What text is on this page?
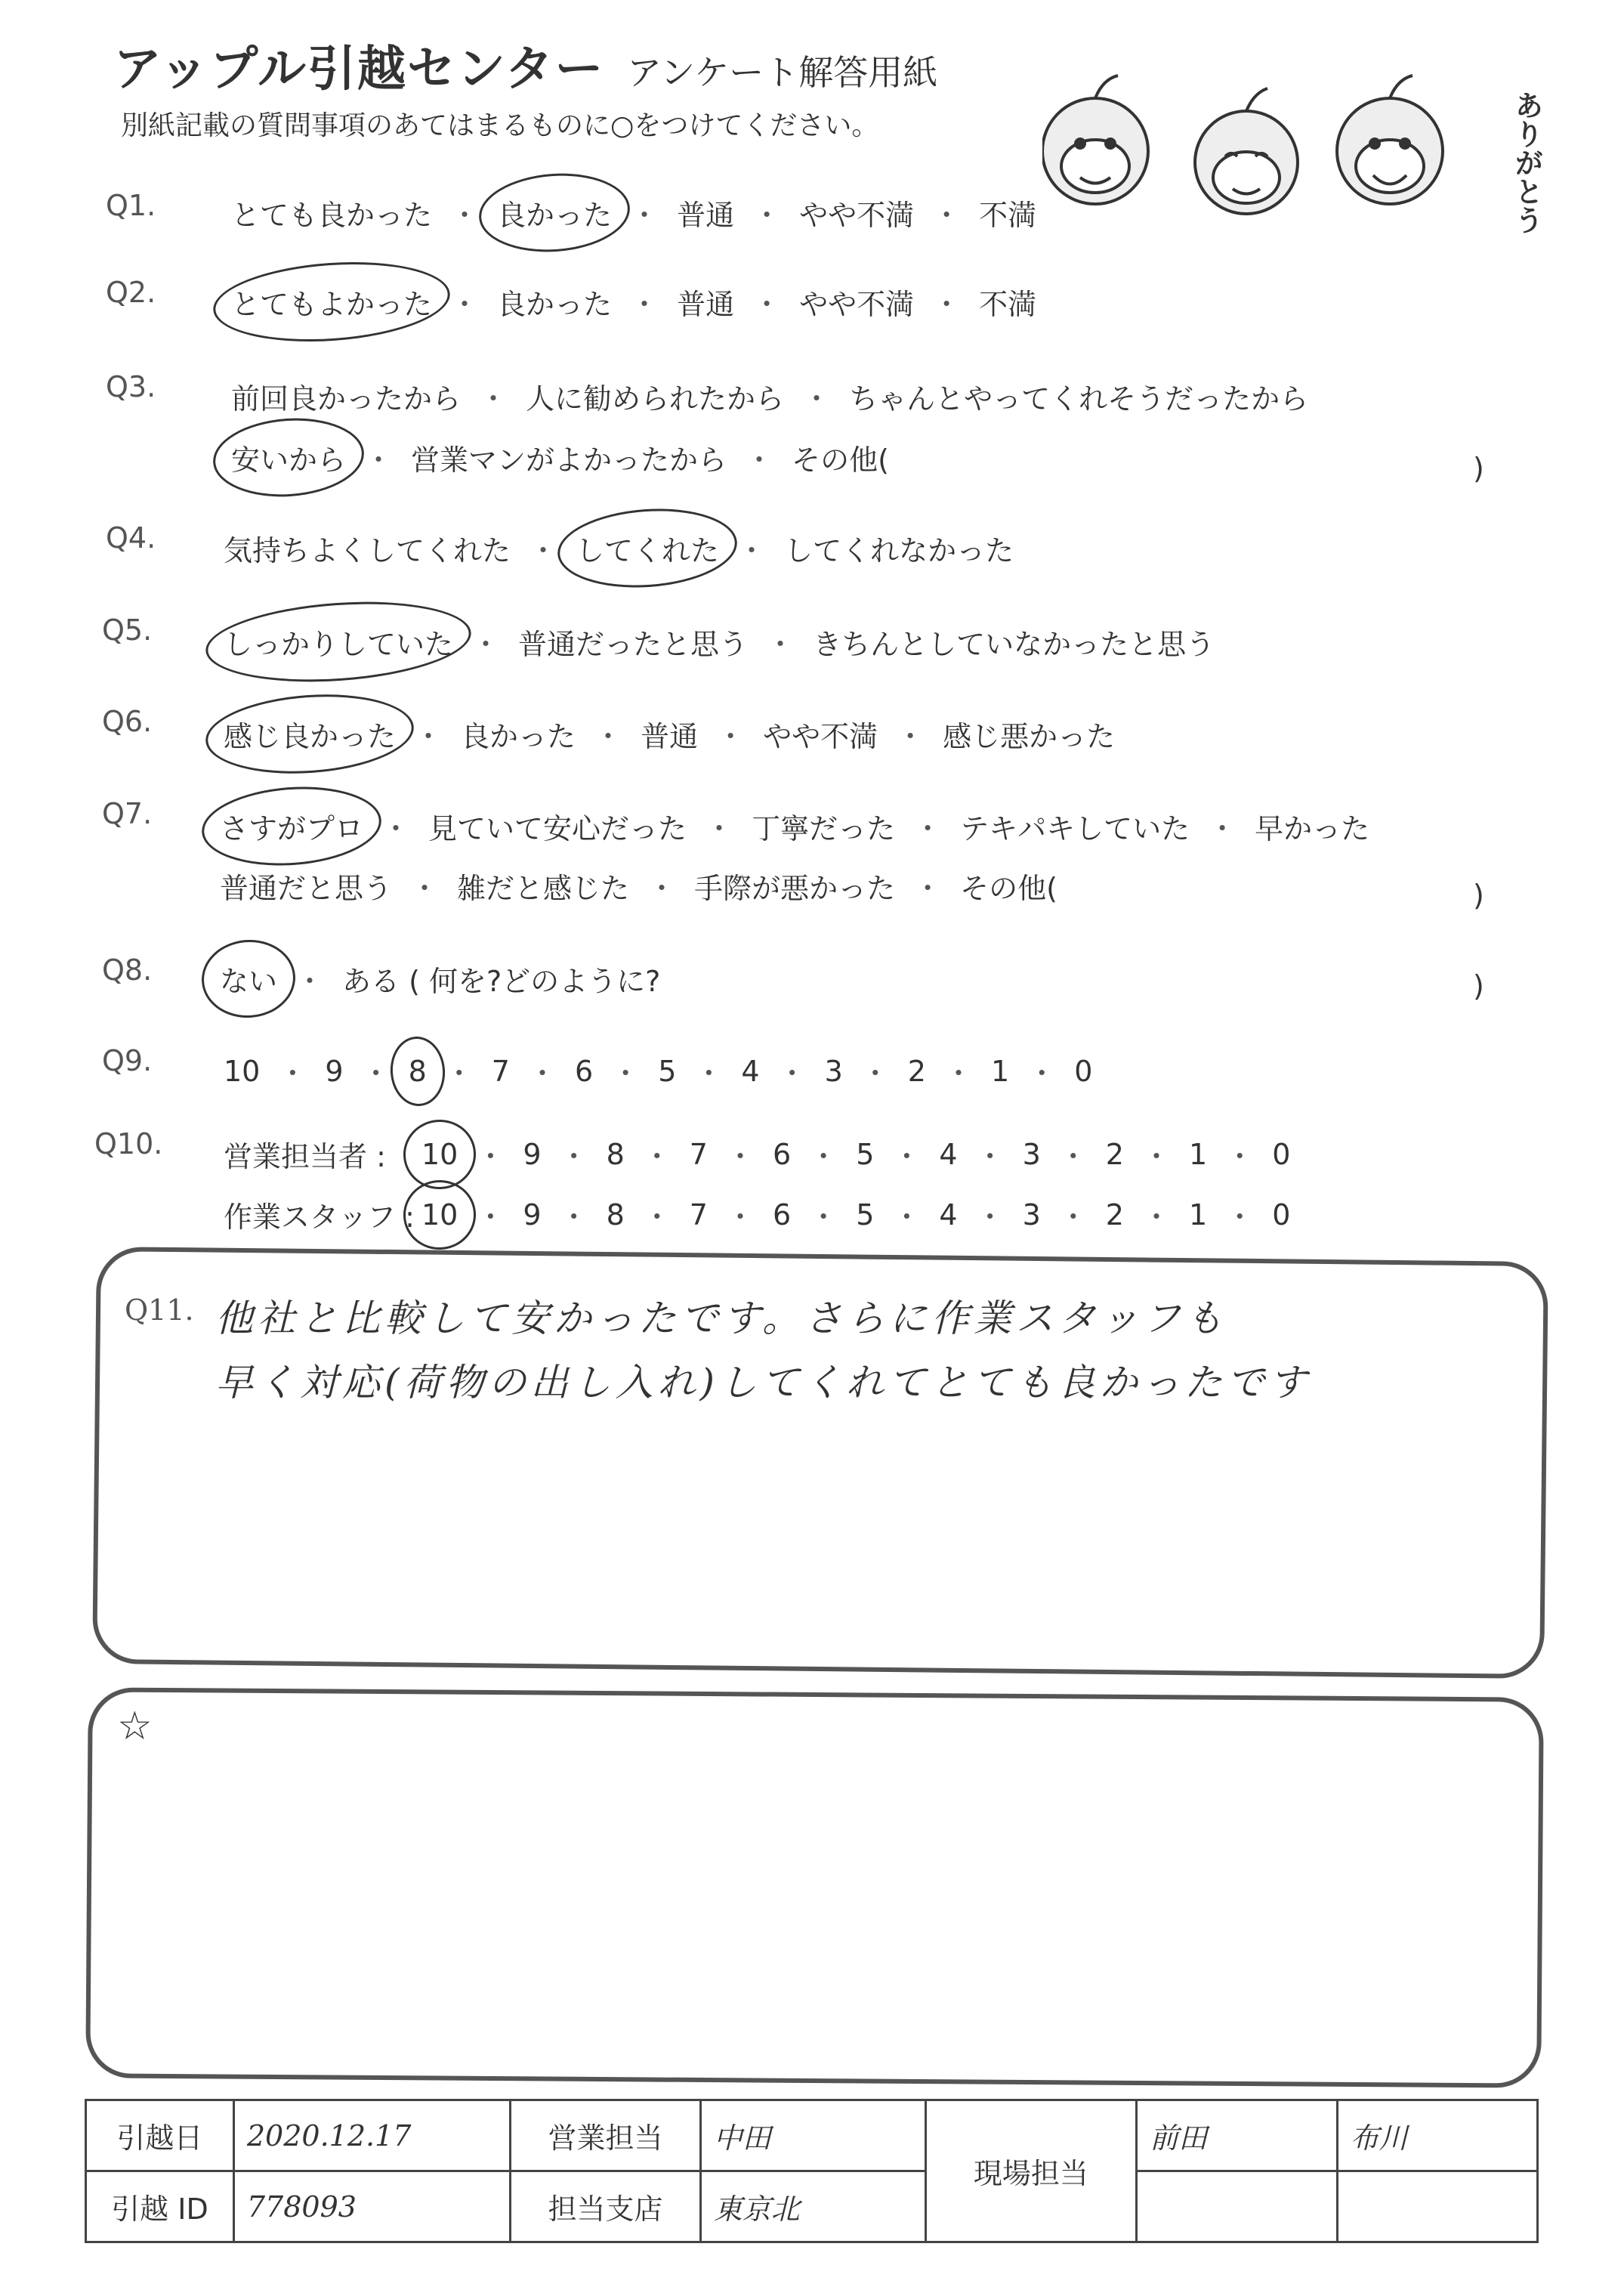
アップル引越センター アンケート解答用紙
別紙記載の質問事項のあてはまるものに○をつけてください。	ありがとう
Q1.	とても良かった ・ 良かった ・ 普通 ・ やや不満 ・ 不満
Q2.	とてもよかった ・ 良かった ・ 普通 ・ やや不満 ・ 不満
Q3.	前回良かったから ・ 人に勧められたから ・ ちゃんとやってくれそうだったから
安いから ・ 営業マンがよかったから ・ その他(	)
Q4. 気持ちよくしてくれた ・ してくれた ・ してくれなかった
Q5. しっかりしていた ・ 普通だったと思う ・ きちんとしていなかったと思う
Q6. 感じ良かった ・ 良かった ・ 普通 ・ やや不満 ・ 感じ悪かった
Q7. さすがプロ ・ 見ていて安心だった ・ 丁寧だった ・ テキパキしていた ・ 早かった
普通だと思う ・ 雑だと感じた ・ 手際が悪かった ・ その他(	)
Q8. ない ・ ある ( 何を?どのように?	)
Q9. 10 ・ 9 ・ 8 ・ 7 ・ 6 ・ 5 ・ 4 ・ 3 ・ 2 ・ 1 ・ 0
Q10. 営業担当者 :	10 ・ 9 ・ 8 ・ 7 ・ 6 ・ 5 ・ 4 ・ 3 ・ 2 ・ 1 ・ 0
作業スタッフ : 10 ・ 9 ・ 8 ・ 7 ・ 6 ・ 5 ・ 4 ・ 3 ・ 2 ・ 1 ・ 0
Q11. 他社と比較して安かったです。さらに作業スタッフも
早く対応(荷物の出し入れ)してくれてとても良かったです
☆
引越日	2020.12.17	営業担当	中田	現場担当	前田	布川
引越 ID	778093	担当支店	東京北			
